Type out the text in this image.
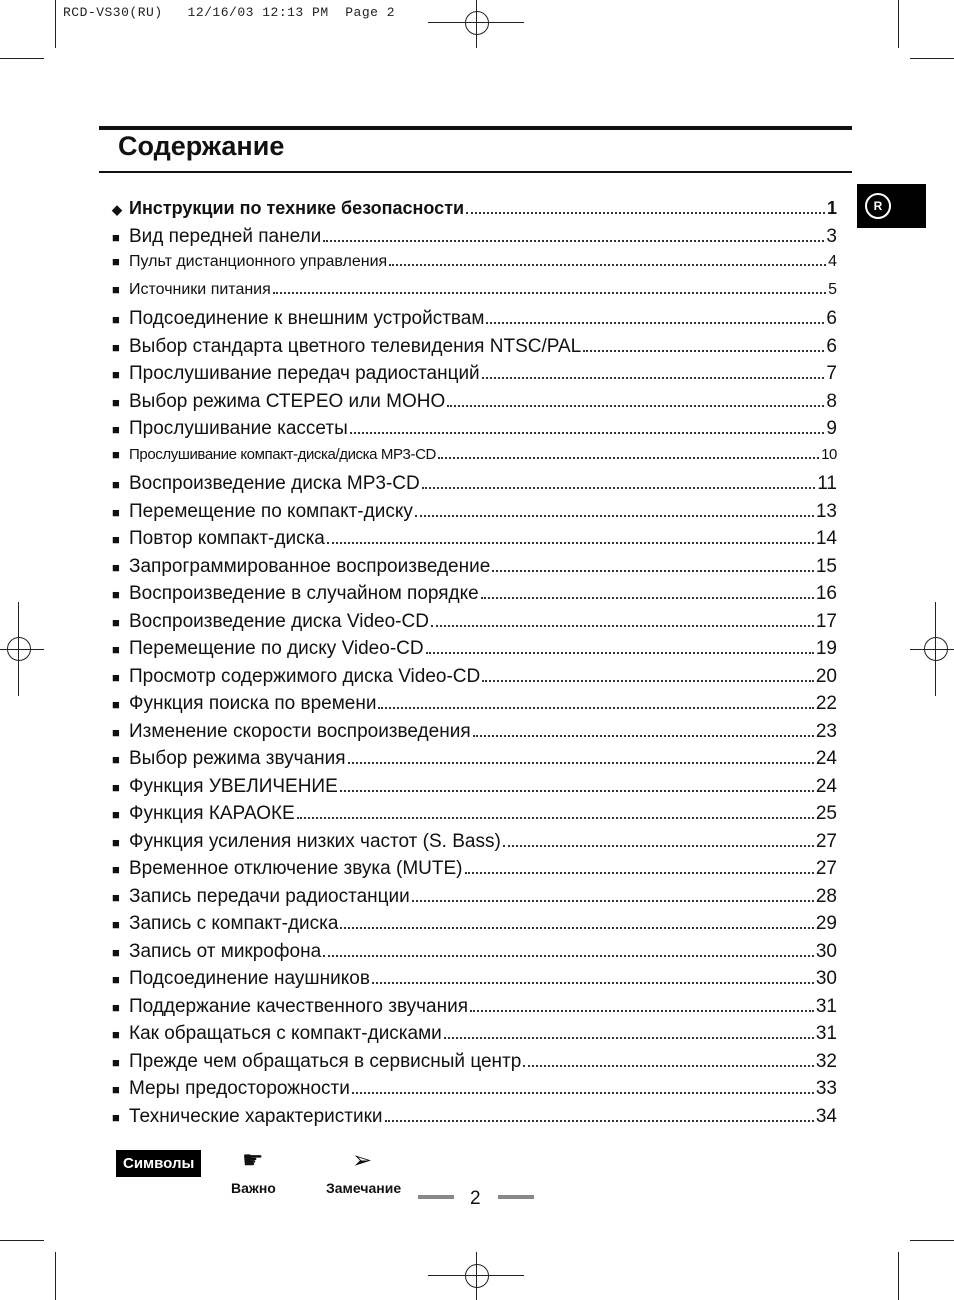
RCD-VS30(RU)   12/16/03 12:13 PM  Page 2
Содержание
R
◆ Инструкции по технике безопасности	1
■ Вид передней панели	3
■ Пульт дистанционного управления	4
■ Источники питания	5
■ Подсоединение к внешним устройствам	6
■ Выбор стандарта цветного телевидения NTSC/PAL	6
■ Прослушивание передач радиостанций	7
■ Выбор режима СТЕРЕО или МОНО	8
■ Прослушивание кассеты	9
■ Прослушивание компакт-диска/диска MP3-CD	10
■ Воспроизведение диска MP3-CD	11
■ Перемещение по компакт-диску	13
■ Повтор компакт-диска	14
■ Запрограммированное воспроизведение	15
■ Воспроизведение в случайном порядке	16
■ Воспроизведение диска Video-CD	17
■ Перемещение по диску Video-CD	19
■ Просмотр содержимого диска Video-CD	20
■ Функция поиска по времени	22
■ Изменение скорости воспроизведения	23
■ Выбор режима звучания	24
■ Функция УВЕЛИЧЕНИЕ	24
■ Функция КАРАОКЕ	25
■ Функция усиления низких частот (S. Bass)	27
■ Временное отключение звука (MUTE)	27
■ Запись передачи радиостанции	28
■ Запись с компакт-диска	29
■ Запись от микрофона	30
■ Подсоединение наушников	30
■ Поддержание качественного звучания	31
■ Как обращаться с компакт-дисками	31
■ Прежде чем обращаться в сервисный центр	32
■ Меры предосторожности	33
■ Технические характеристики	34
Символы ☛
Важно
➢
Замечание	2
